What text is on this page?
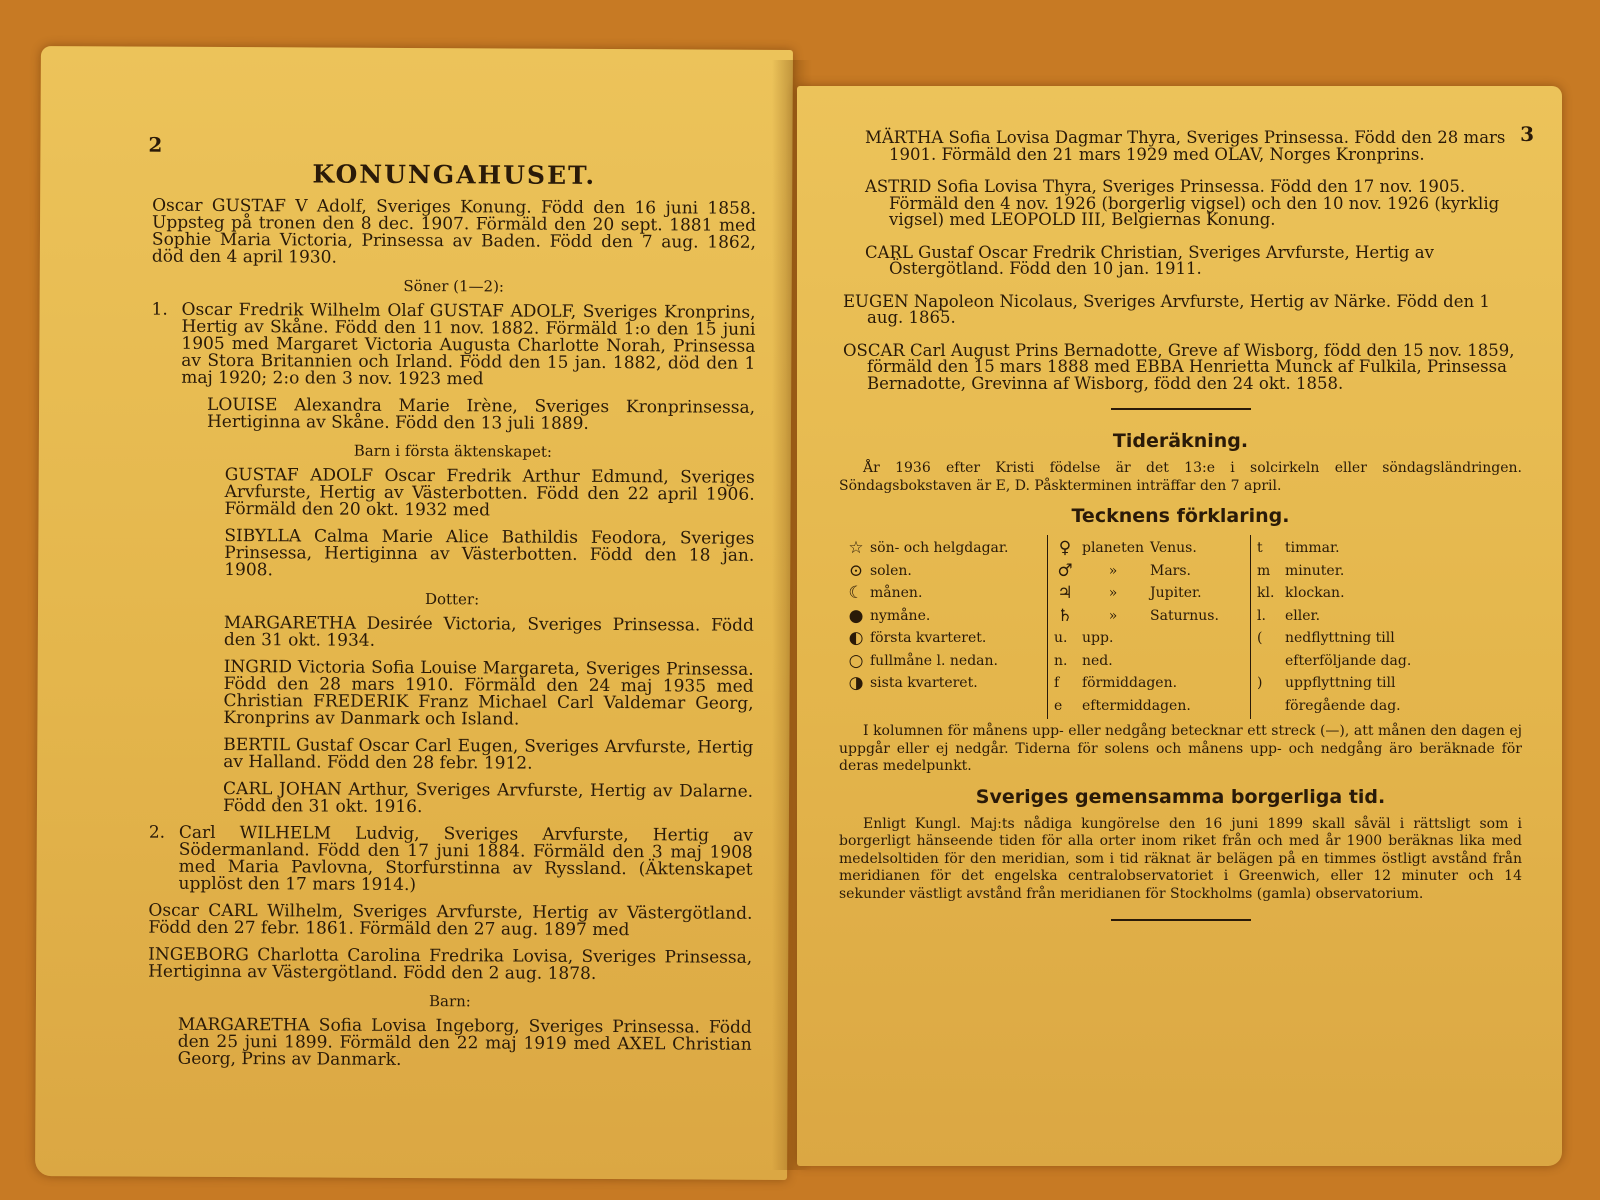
2
KONUNGAHUSET.

Oscar GUSTAF V Adolf, Sveriges Konung. Född den 16 juni 1858. Uppsteg på tronen den 8 dec. 1907. Förmäld den 20 sept. 1881 med Sophie Maria Victoria, Prinsessa av Baden. Född den 7 aug. 1862, död den 4 april 1930.

Söner (1—2):

1. Oscar Fredrik Wilhelm Olaf GUSTAF ADOLF, Sveriges Kronprins, Hertig av Skåne. Född den 11 nov. 1882. Förmäld 1:o den 15 juni 1905 med Margaret Victoria Augusta Charlotte Norah, Prinsessa av Stora Britannien och Irland. Född den 15 jan. 1882, död den 1 maj 1920; 2:o den 3 nov. 1923 med

LOUISE Alexandra Marie Irène, Sveriges Kronprinsessa, Hertiginna av Skåne. Född den 13 juli 1889.

Barn i första äktenskapet:

GUSTAF ADOLF Oscar Fredrik Arthur Edmund, Sveriges Arvfurste, Hertig av Västerbotten. Född den 22 april 1906. Förmäld den 20 okt. 1932 med

SIBYLLA Calma Marie Alice Bathildis Feodora, Sveriges Prinsessa, Hertiginna av Västerbotten. Född den 18 jan. 1908.

Dotter:

MARGARETHA Desirée Victoria, Sveriges Prinsessa. Född den 31 okt. 1934.

INGRID Victoria Sofia Louise Margareta, Sveriges Prinsessa. Född den 28 mars 1910. Förmäld den 24 maj 1935 med Christian FREDERIK Franz Michael Carl Valdemar Georg, Kronprins av Danmark och Island.

BERTIL Gustaf Oscar Carl Eugen, Sveriges Arvfurste, Hertig av Halland. Född den 28 febr. 1912.

CARL JOHAN Arthur, Sveriges Arvfurste, Hertig av Dalarne. Född den 31 okt. 1916.

2. Carl WILHELM Ludvig, Sveriges Arvfurste, Hertig av Södermanland. Född den 17 juni 1884. Förmäld den 3 maj 1908 med Maria Pavlovna, Storfurstinna av Ryssland. (Äktenskapet upplöst den 17 mars 1914.)

Oscar CARL Wilhelm, Sveriges Arvfurste, Hertig av Västergötland. Född den 27 febr. 1861. Förmäld den 27 aug. 1897 med

INGEBORG Charlotta Carolina Fredrika Lovisa, Sveriges Prinsessa, Hertiginna av Västergötland. Född den 2 aug. 1878.

Barn:

MARGARETHA Sofia Lovisa Ingeborg, Sveriges Prinsessa. Född den 25 juni 1899. Förmäld den 22 maj 1919 med AXEL Christian Georg, Prins av Danmark.

3

MÄRTHA Sofia Lovisa Dagmar Thyra, Sveriges Prinsessa. Född den 28 mars 1901. Förmäld den 21 mars 1929 med OLAV, Norges Kronprins.

ASTRID Sofia Lovisa Thyra, Sveriges Prinsessa. Född den 17 nov. 1905. Förmäld den 4 nov. 1926 (borgerlig vigsel) och den 10 nov. 1926 (kyrklig vigsel) med LEOPOLD III, Belgiernas Konung.

CARL Gustaf Oscar Fredrik Christian, Sveriges Arvfurste, Hertig av Östergötland. Född den 10 jan. 1911.

EUGEN Napoleon Nicolaus, Sveriges Arvfurste, Hertig av Närke. Född den 1 aug. 1865.

OSCAR Carl August Prins Bernadotte, Greve af Wisborg, född den 15 nov. 1859, förmäld den 15 mars 1888 med EBBA Henrietta Munck af Fulkila, Prinsessa Bernadotte, Grevinna af Wisborg, född den 24 okt. 1858.

Tideräkning.

År 1936 efter Kristi födelse är det 13:e i solcirkeln eller söndagsländringen. Söndagsbokstaven är E, D. Påskterminen inträffar den 7 april.

Tecknens förklaring.
☆ sön- och helgdagar.
⊙ solen.
☾ månen.
● nymåne.
◐ första kvarteret.
○ fullmåne l. nedan.
◑ sista kvarteret.
♀ planeten Venus.
♂	»	Mars.
♃	»	Jupiter.
♄	»	Saturnus.
u.	upp.
n.	ned.
f	förmiddagen.
e	eftermiddagen.
t	timmar.
m	minuter.
kl. klockan.
l.	eller.
(	nedflyttning till
efterföljande dag.
)	uppflyttning till
föregående dag.

I kolumnen för månens upp- eller nedgång betecknar ett streck (—), att månen den dagen ej uppgår eller ej nedgår. Tiderna för solens och månens upp- och nedgång äro beräknade för deras medelpunkt.

Sveriges gemensamma borgerliga tid.

Enligt Kungl. Maj:ts nådiga kungörelse den 16 juni 1899 skall såväl i rättsligt som i borgerligt hänseende tiden för alla orter inom riket från och med år 1900 beräknas lika med medelsoltiden för den meridian, som i tid räknat är belägen på en timmes östligt avstånd från meridianen för det engelska centralobservatoriet i Greenwich, eller 12 minuter och 14 sekunder västligt avstånd från meridianen för Stockholms (gamla) observatorium.
